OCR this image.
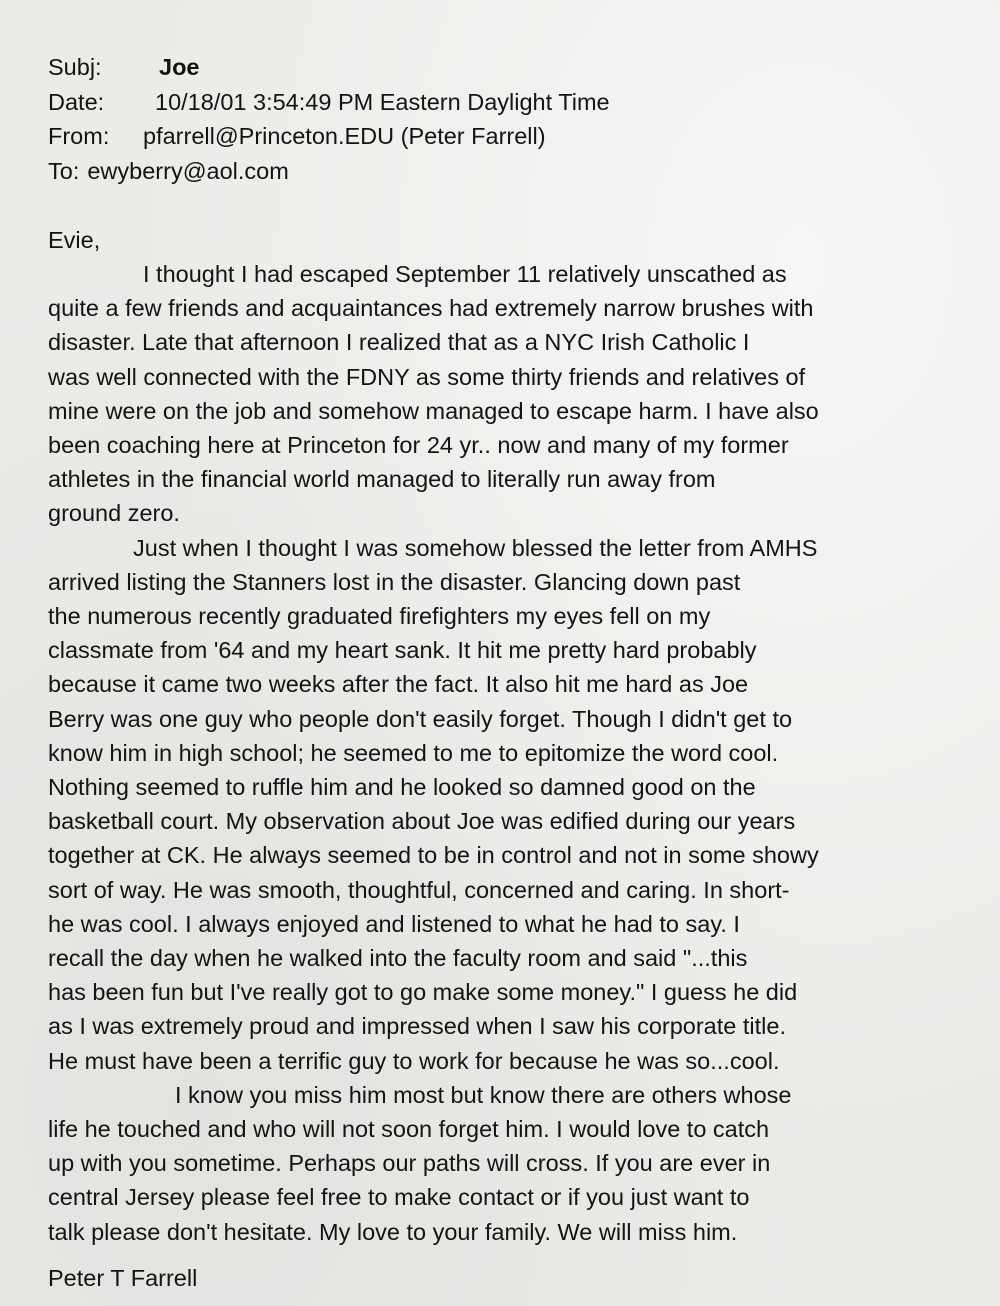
Subj: Joe
Date: 10/18/01 3:54:49 PM Eastern Daylight Time
From: pfarrell@Princeton.EDU (Peter Farrell)
To: ewyberry@aol.com
Evie,
I thought I had escaped September 11 relatively unscathed as
quite a few friends and acquaintances had extremely narrow brushes with
disaster. Late that afternoon I realized that as a NYC Irish Catholic I
was well connected with the FDNY as some thirty friends and relatives of
mine were on the job and somehow managed to escape harm. I have also
been coaching here at Princeton for 24 yr.. now and many of my former
athletes in the financial world managed to literally run away from
ground zero.
Just when I thought I was somehow blessed the letter from AMHS
arrived listing the Stanners lost in the disaster. Glancing down past
the numerous recently graduated firefighters my eyes fell on my
classmate from '64 and my heart sank. It hit me pretty hard probably
because it came two weeks after the fact. It also hit me hard as Joe
Berry was one guy who people don't easily forget. Though I didn't get to
know him in high school; he seemed to me to epitomize the word cool.
Nothing seemed to ruffle him and he looked so damned good on the
basketball court. My observation about Joe was edified during our years
together at CK. He always seemed to be in control and not in some showy
sort of way. He was smooth, thoughtful, concerned and caring. In short-
he was cool. I always enjoyed and listened to what he had to say. I
recall the day when he walked into the faculty room and said "...this
has been fun but I've really got to go make some money." I guess he did
as I was extremely proud and impressed when I saw his corporate title.
He must have been a terrific guy to work for because he was so...cool.
I know you miss him most but know there are others whose
life he touched and who will not soon forget him. I would love to catch
up with you sometime. Perhaps our paths will cross. If you are ever in
central Jersey please feel free to make contact or if you just want to
talk please don't hesitate. My love to your family. We will miss him.
Peter T Farrell
